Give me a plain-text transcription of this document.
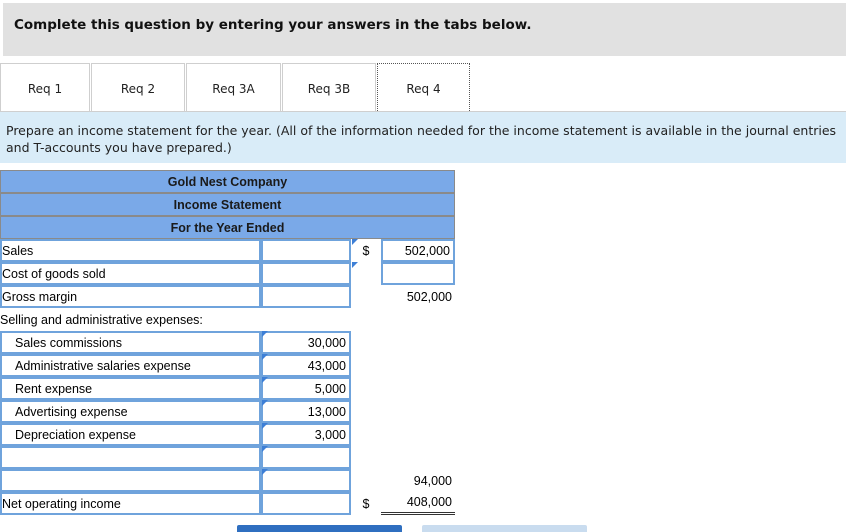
Complete this question by entering your answers in the tabs below.
Req 1	Req 2	Req 3A	Req 3B	Req 4
Prepare an income statement for the year. (All of the information needed for the income statement is available in the journal entries and T-accounts you have prepared.)
Gold Nest Company
Income Statement
For the Year Ended
Sales	$	502,000
Cost of goods sold
Gross margin	502,000
Selling and administrative expenses:
Sales commissions	30,000
Administrative salaries expense	43,000
Rent expense	5,000
Advertising expense	13,000
Depreciation expense	3,000
94,000
Net operating income	$	408,000
